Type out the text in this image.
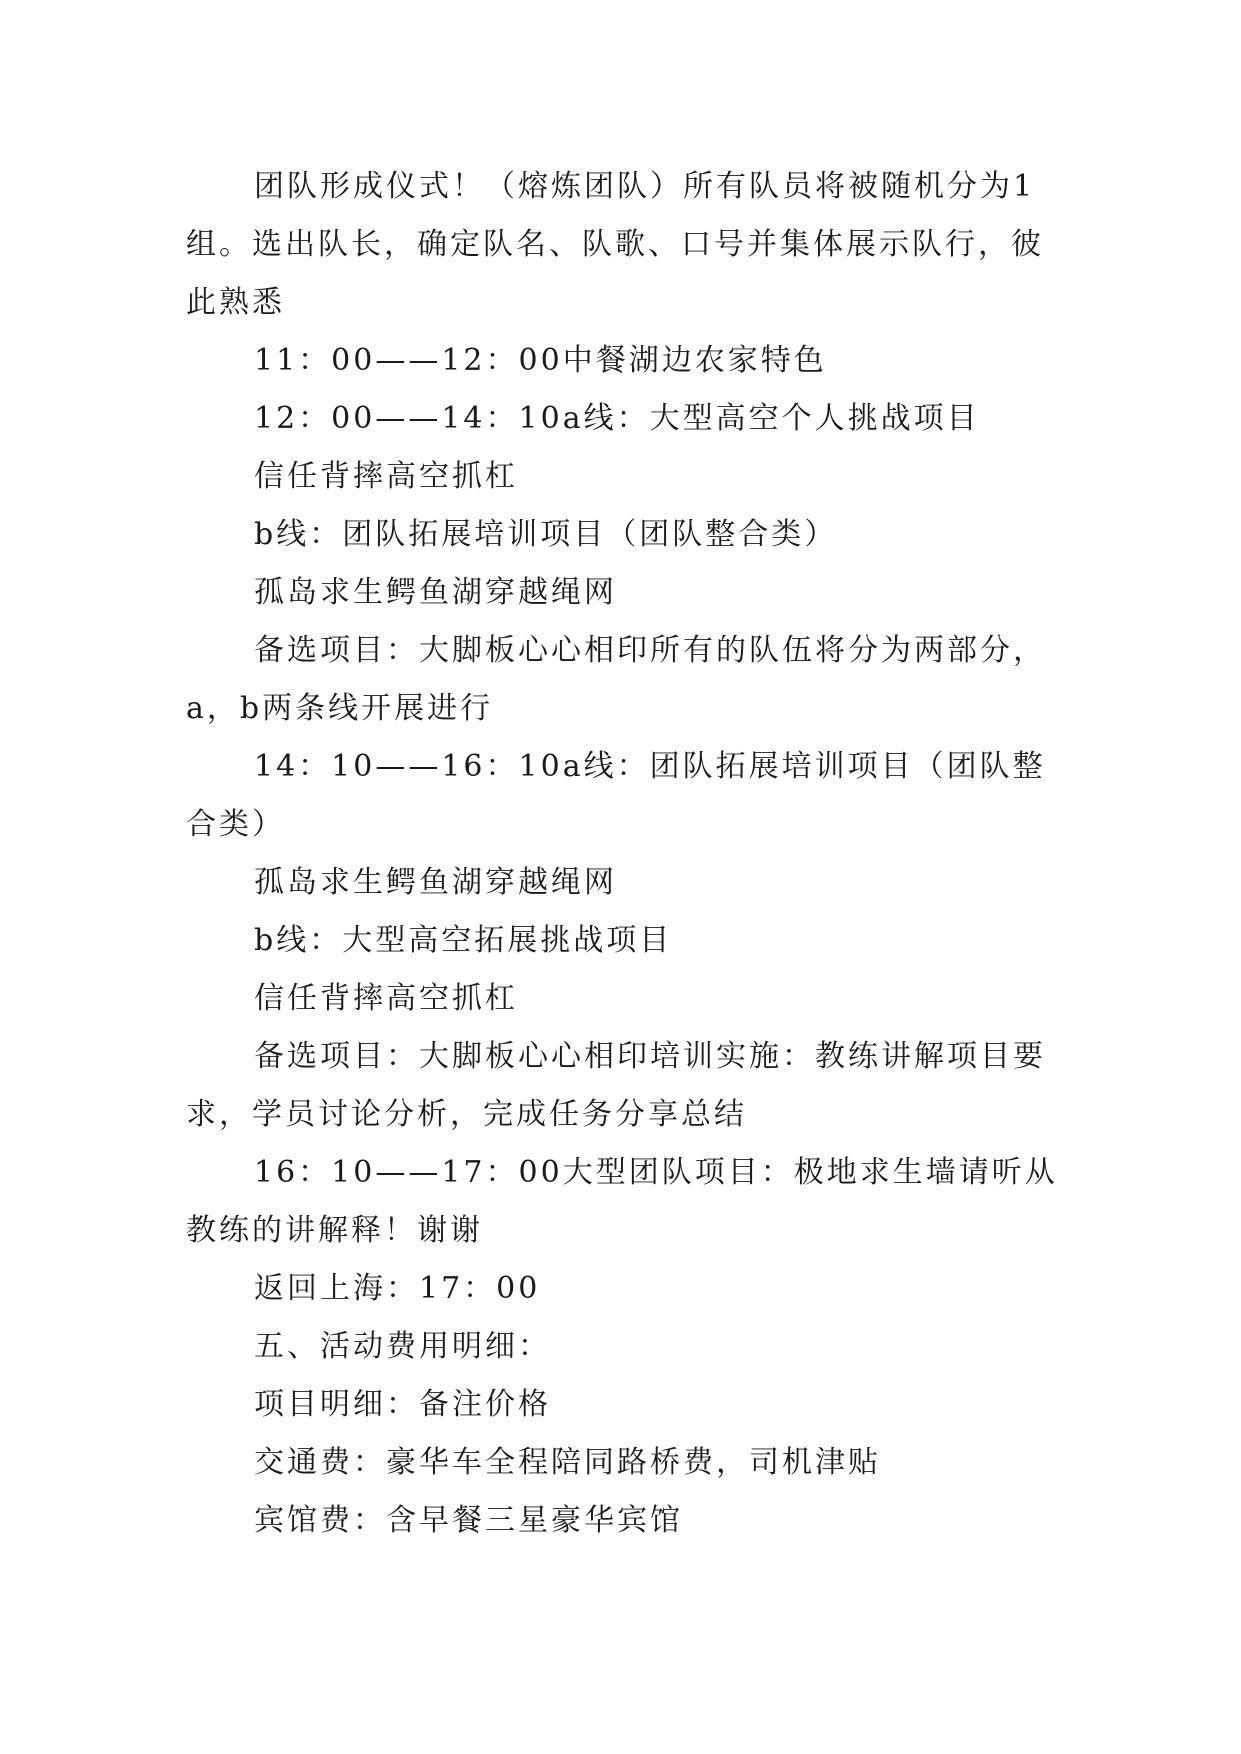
团队形成仪式！（熔炼团队）所有队员将被随机分为1组。选出队长，确定队名、队歌、口号并集体展示队行，彼此熟悉

11：00——12：00中餐湖边农家特色

12：00——14：10a线：大型高空个人挑战项目

信任背摔高空抓杠

b线：团队拓展培训项目（团队整合类）

孤岛求生鳄鱼湖穿越绳网

备选项目：大脚板心心相印所有的队伍将分为两部分，a，b两条线开展进行

14：10——16：10a线：团队拓展培训项目（团队整合类）

孤岛求生鳄鱼湖穿越绳网

b线：大型高空拓展挑战项目

信任背摔高空抓杠

备选项目：大脚板心心相印培训实施：教练讲解项目要求，学员讨论分析，完成任务分享总结

16：10——17：00大型团队项目：极地求生墙请听从教练的讲解释！谢谢

返回上海：17：00

五、活动费用明细：

项目明细：备注价格

交通费：豪华车全程陪同路桥费，司机津贴

宾馆费：含早餐三星豪华宾馆
